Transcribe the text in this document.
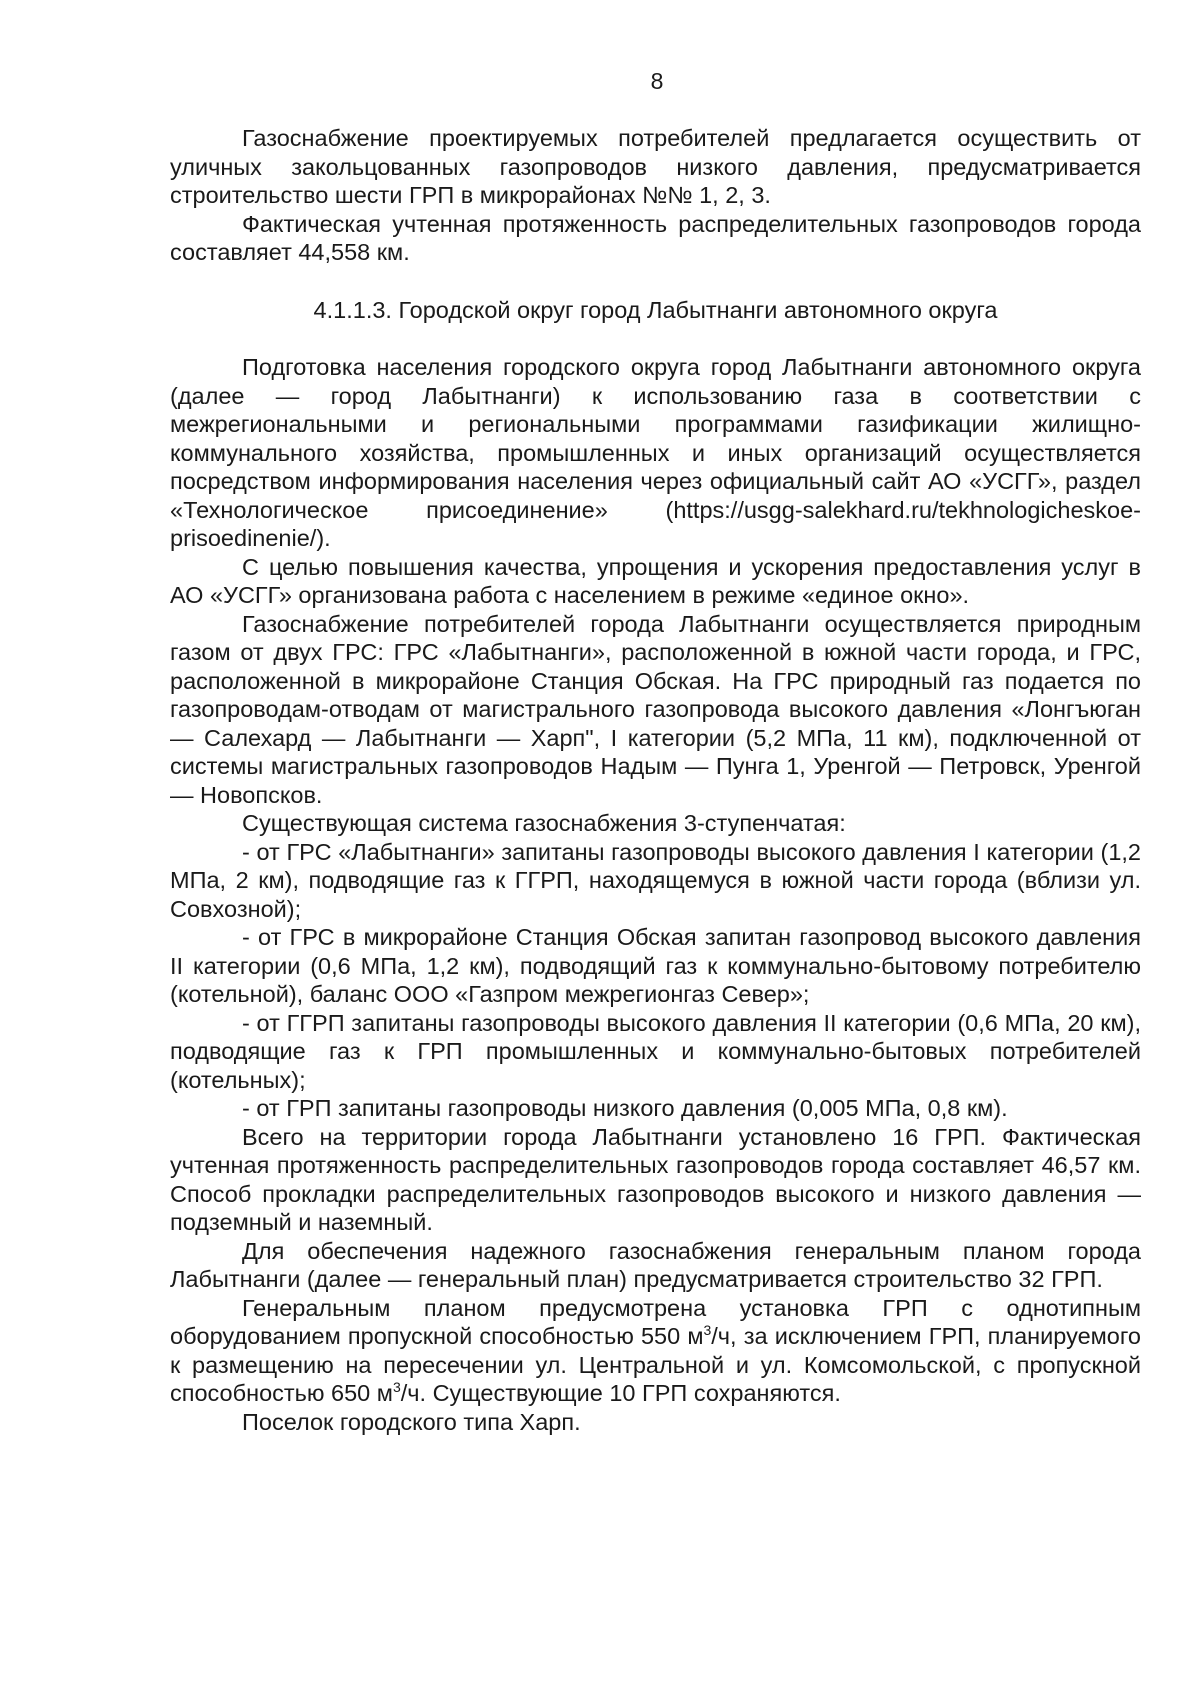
8

Газоснабжение проектируемых потребителей предлагается осуществить от уличных закольцованных газопроводов низкого давления, предусматривается строительство шести ГРП в микрорайонах №№ 1, 2, 3.

Фактическая учтенная протяженность распределительных газопроводов города составляет 44,558 км.

4.1.1.3. Городской округ город Лабытнанги автономного округа

Подготовка населения городского округа город Лабытнанги автономного округа (далее — город Лабытнанги) к использованию газа в соответствии с межрегиональными и региональными программами газификации жилищно-коммунального хозяйства, промышленных и иных организаций осуществляется посредством информирования населения через официальный сайт АО «УСГГ», раздел «Технологическое присоединение» (https://usgg-salekhard.ru/tekhnologicheskoe-prisoedinenie/).

С целью повышения качества, упрощения и ускорения предоставления услуг в АО «УСГГ» организована работа с населением в режиме «единое окно».

Газоснабжение потребителей города Лабытнанги осуществляется природным газом от двух ГРС: ГРС «Лабытнанги», расположенной в южной части города, и ГРС, расположенной в микрорайоне Станция Обская. На ГРС природный газ подается по газопроводам-отводам от магистрального газопровода высокого давления «Лонгъюган — Салехард — Лабытнанги — Харп", I категории (5,2 МПа, 11 км), подключенной от системы магистральных газопроводов Надым — Пунга 1, Уренгой — Петровск, Уренгой — Новопсков.

Существующая система газоснабжения 3-ступенчатая:

- от ГРС «Лабытнанги» запитаны газопроводы высокого давления I категории (1,2 МПа, 2 км), подводящие газ к ГГРП, находящемуся в южной части города (вблизи ул. Совхозной);

- от ГРС в микрорайоне Станция Обская запитан газопровод высокого давления II категории (0,6 МПа, 1,2 км), подводящий газ к коммунально-бытовому потребителю (котельной), баланс ООО «Газпром межрегионгаз Север»;

- от ГГРП запитаны газопроводы высокого давления II категории (0,6 МПа, 20 км), подводящие газ к ГРП промышленных и коммунально-бытовых потребителей (котельных);

- от ГРП запитаны газопроводы низкого давления (0,005 МПа, 0,8 км).

Всего на территории города Лабытнанги установлено 16 ГРП. Фактическая учтенная протяженность распределительных газопроводов города составляет 46,57 км. Способ прокладки распределительных газопроводов высокого и низкого давления — подземный и наземный.

Для обеспечения надежного газоснабжения генеральным планом города Лабытнанги (далее — генеральный план) предусматривается строительство 32 ГРП.

Генеральным планом предусмотрена установка ГРП с однотипным оборудованием пропускной способностью 550 $м^3/ч$, за исключением ГРП, планируемого к размещению на пересечении ул. Центральной и ул. Комсомольской, с пропускной способностью 650 $м^3/ч$. Существующие 10 ГРП сохраняются.

Поселок городского типа Харп.
